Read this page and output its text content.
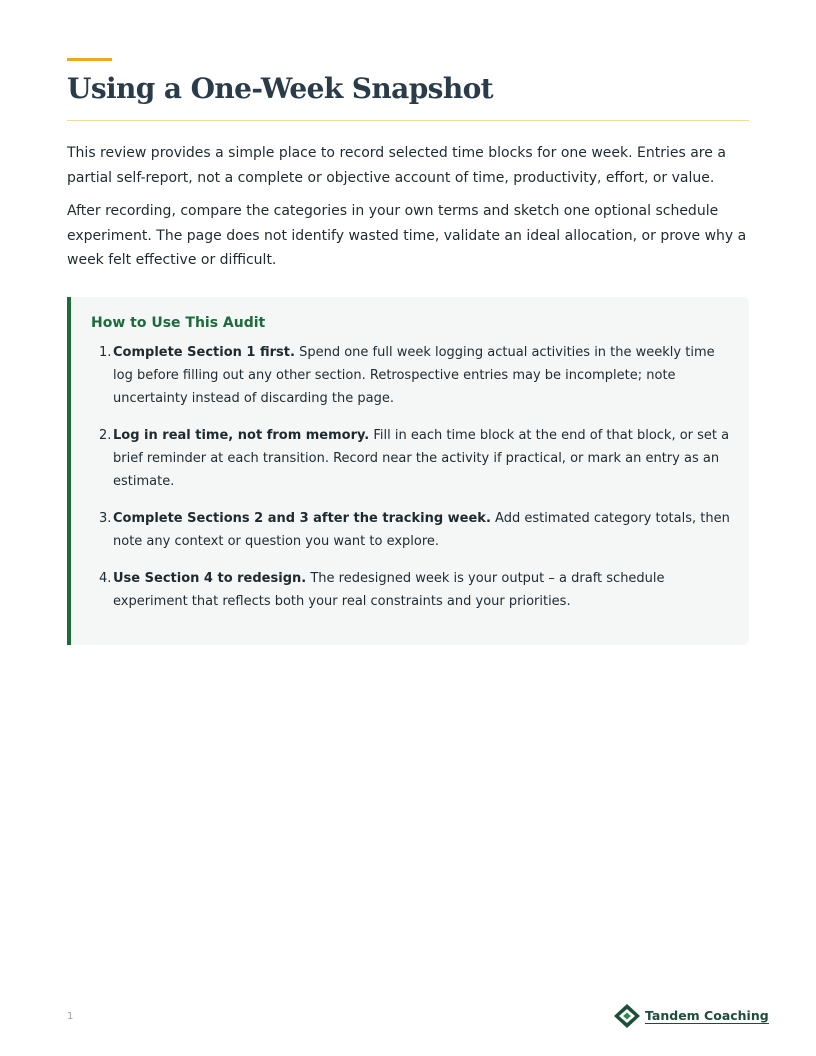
Using a One-Week Snapshot

This review provides a simple place to record selected time blocks for one week. Entries are a partial self-report, not a complete or objective account of time, productivity, effort, or value.

After recording, compare the categories in your own terms and sketch one optional schedule experiment. The page does not identify wasted time, validate an ideal allocation, or prove why a week felt effective or difficult.

How to Use This Audit
1. Complete Section 1 first. Spend one full week logging actual activities in the weekly time log before filling out any other section. Retrospective entries may be incomplete; note uncertainty instead of discarding the page.
2. Log in real time, not from memory. Fill in each time block at the end of that block, or set a brief reminder at each transition. Record near the activity if practical, or mark an entry as an estimate.
3. Complete Sections 2 and 3 after the tracking week. Add estimated category totals, then note any context or question you want to explore.
4. Use Section 4 to redesign. The redesigned week is your output – a draft schedule experiment that reflects both your real constraints and your priorities.
1	Tandem Coaching
